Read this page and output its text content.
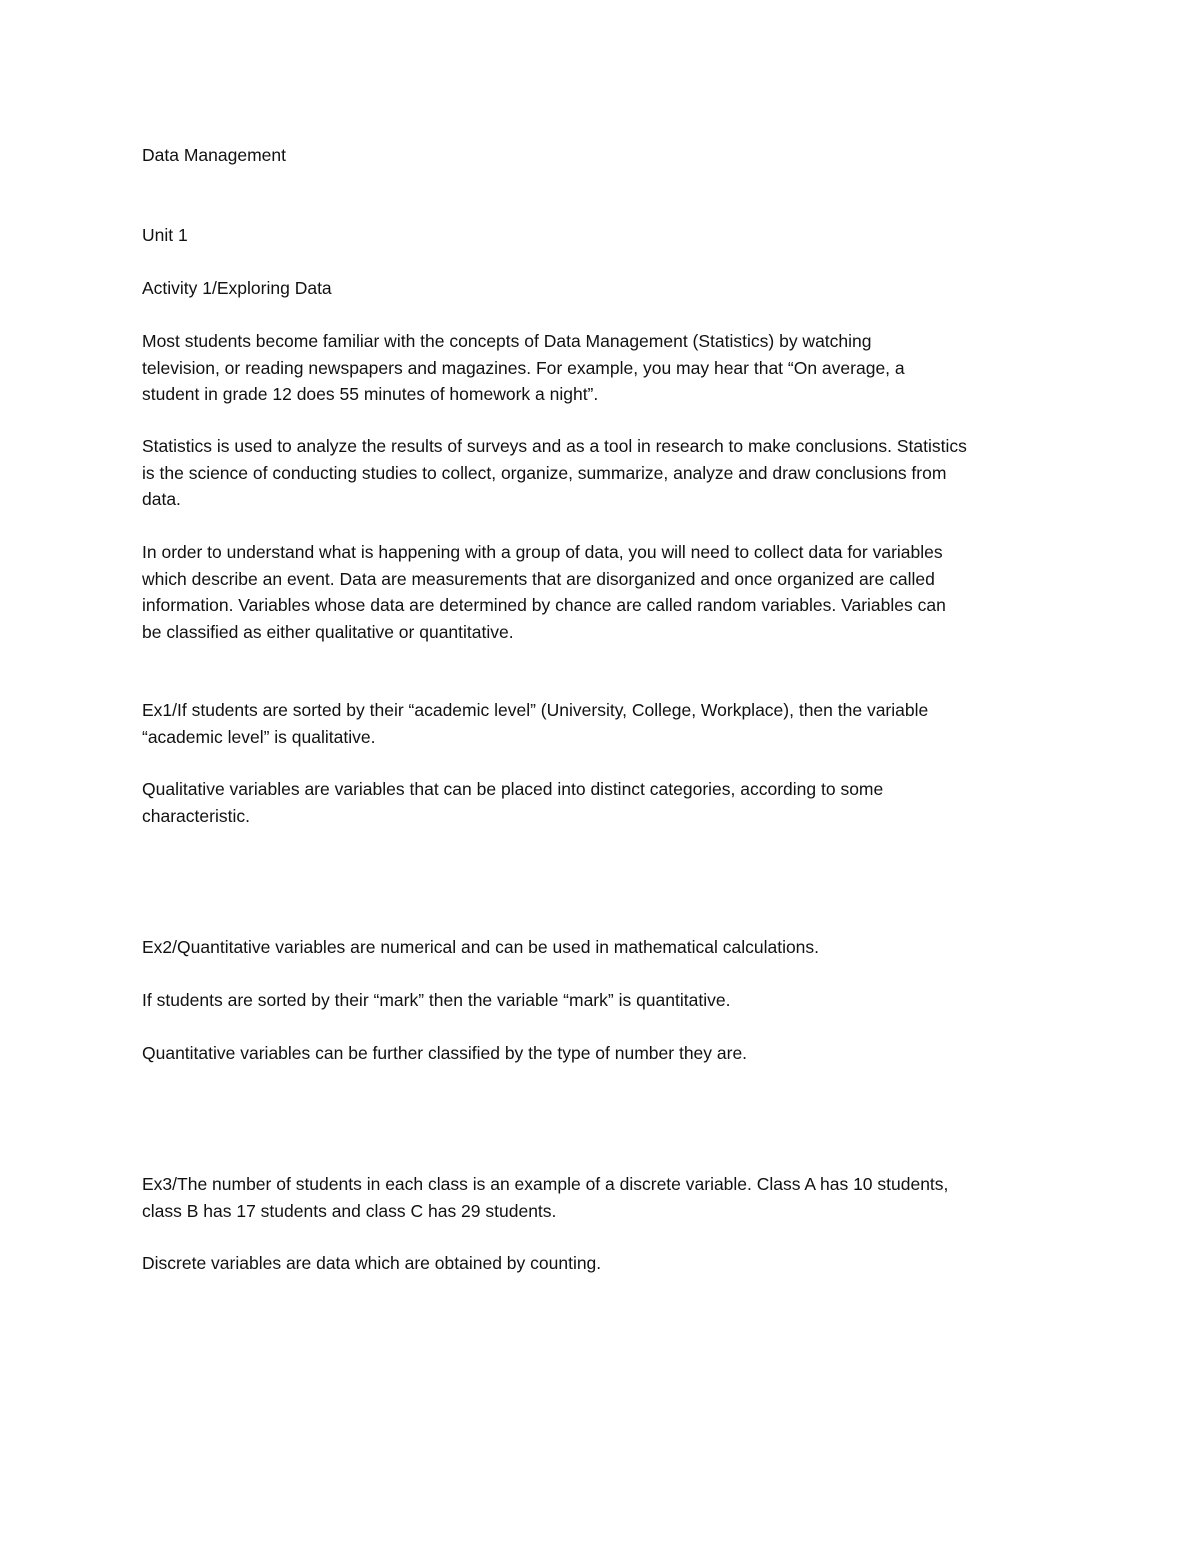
Data Management

Unit 1

Activity 1/Exploring Data

Most students become familiar with the concepts of Data Management (Statistics) by watching
television, or reading newspapers and magazines. For example, you may hear that “On average, a
student in grade 12 does 55 minutes of homework a night”.

Statistics is used to analyze the results of surveys and as a tool in research to make conclusions. Statistics
is the science of conducting studies to collect, organize, summarize, analyze and draw conclusions from
data.

In order to understand what is happening with a group of data, you will need to collect data for variables
which describe an event. Data are measurements that are disorganized and once organized are called
information. Variables whose data are determined by chance are called random variables. Variables can
be classified as either qualitative or quantitative.

Ex1/If students are sorted by their “academic level” (University, College, Workplace), then the variable
“academic level” is qualitative.

Qualitative variables are variables that can be placed into distinct categories, according to some
characteristic.

Ex2/Quantitative variables are numerical and can be used in mathematical calculations.

If students are sorted by their “mark” then the variable “mark” is quantitative.

Quantitative variables can be further classified by the type of number they are.

Ex3/The number of students in each class is an example of a discrete variable. Class A has 10 students,
class B has 17 students and class C has 29 students.

Discrete variables are data which are obtained by counting.
